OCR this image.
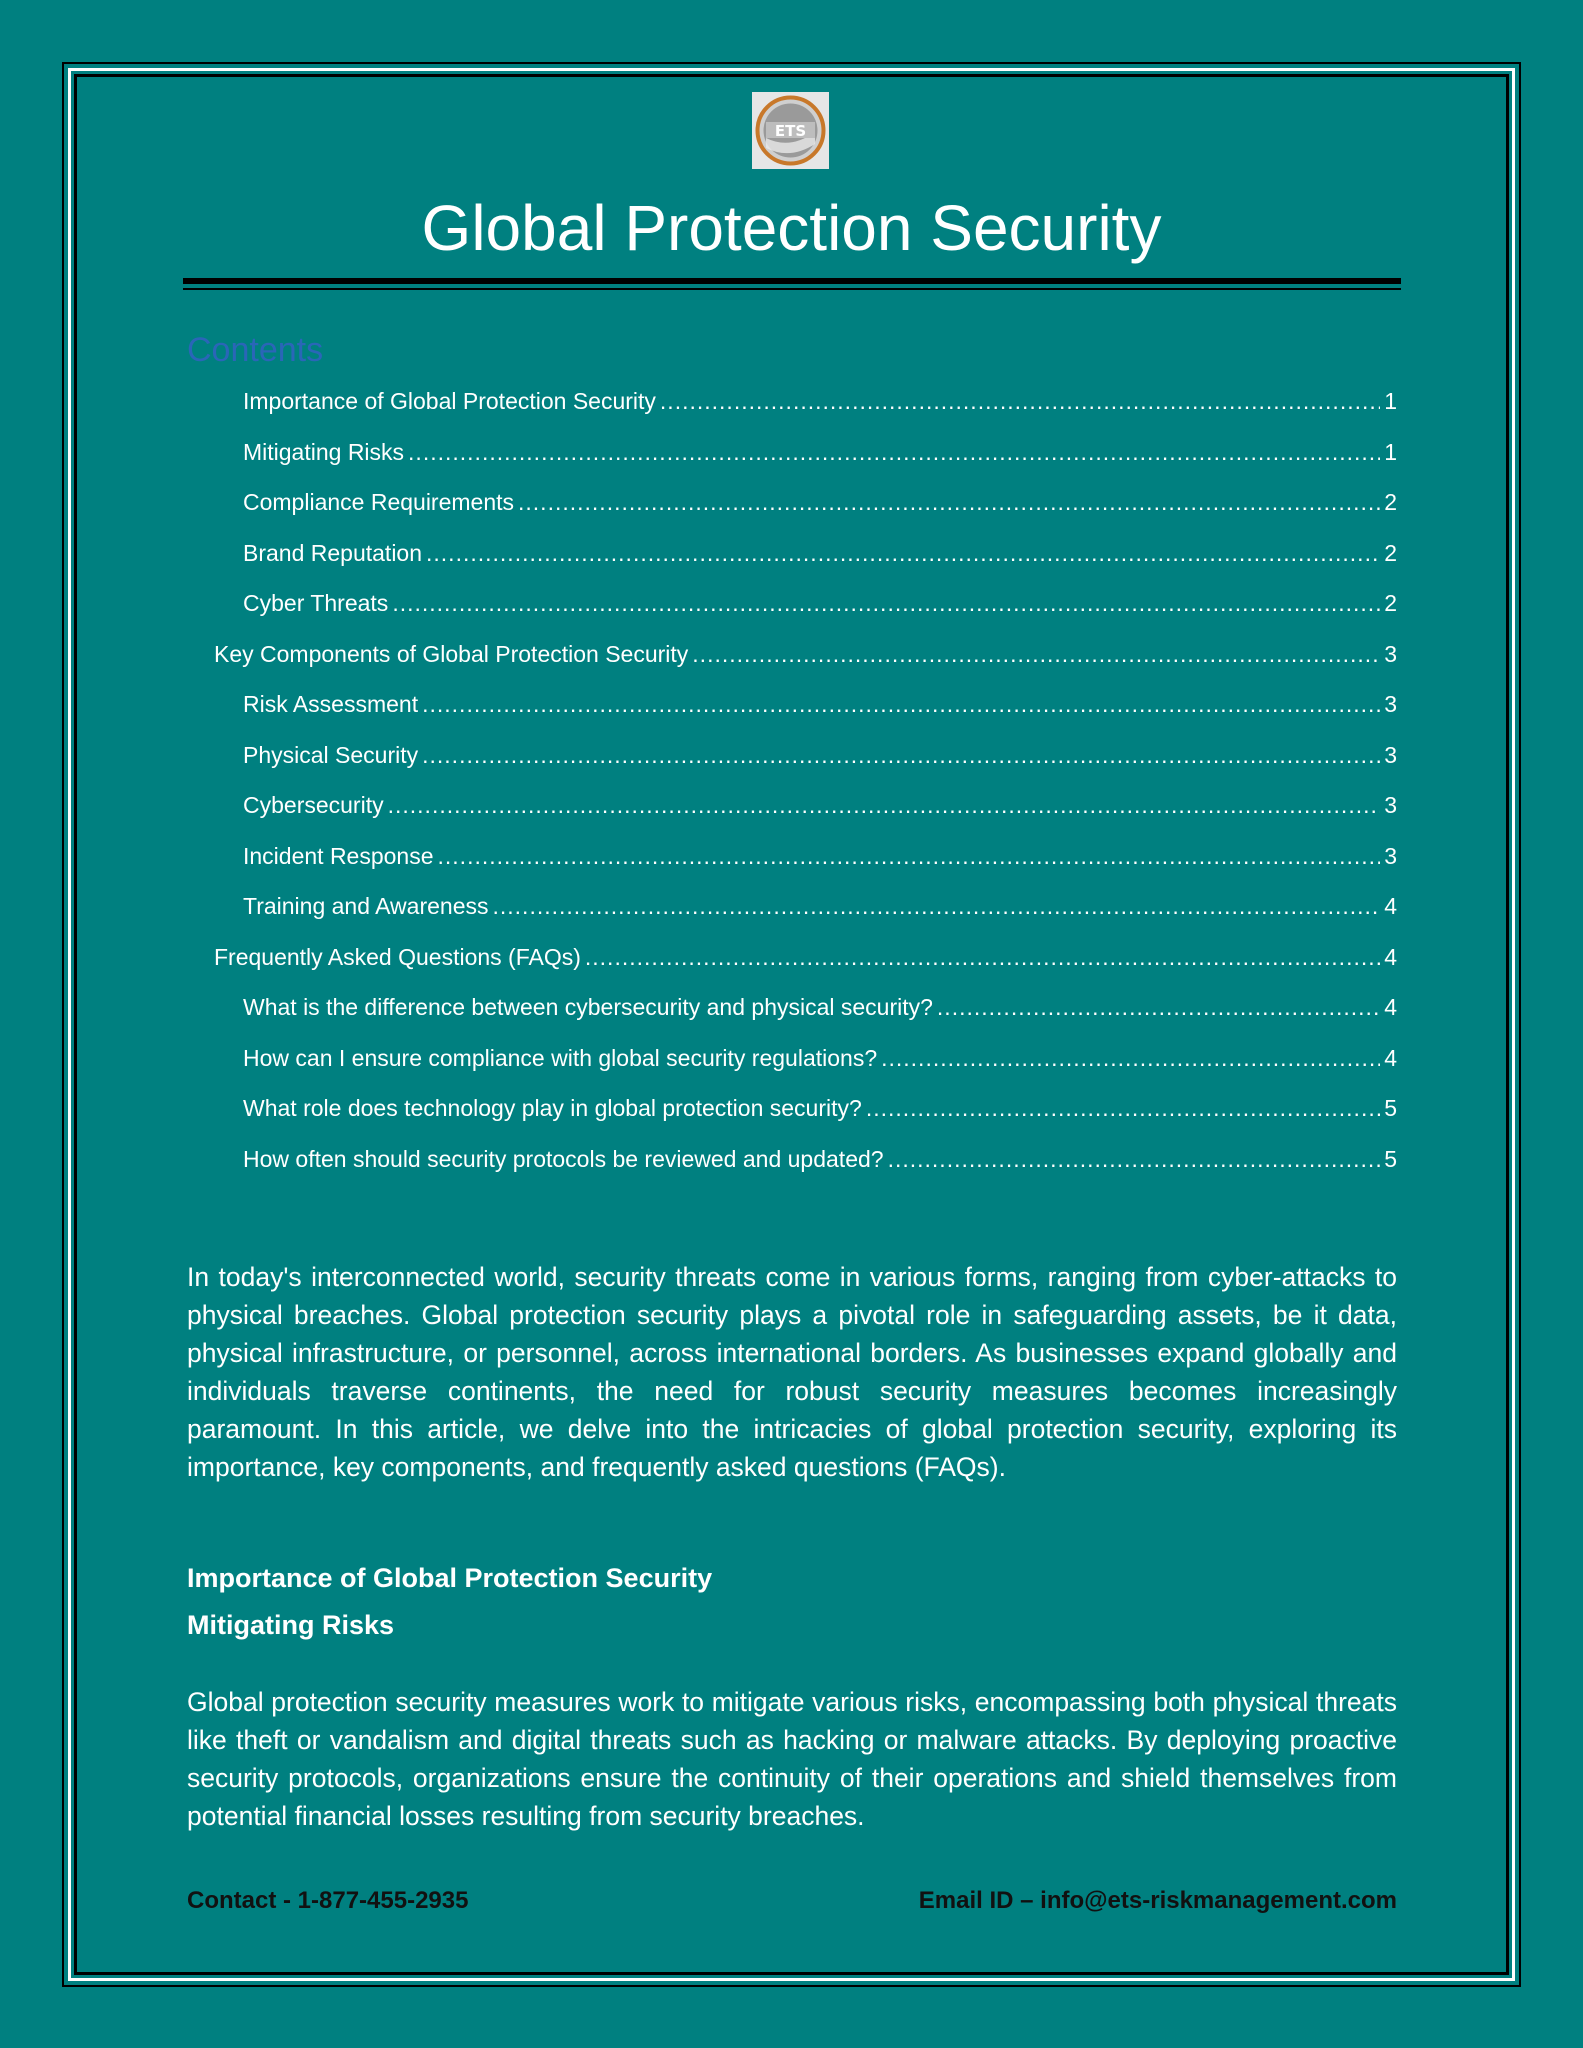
ETS
Global Protection Security
Contents
Importance of Global Protection Security .....	1
Mitigating Risks .....	1
Compliance Requirements .....	2
Brand Reputation .....	2
Cyber Threats .....	2
Key Components of Global Protection Security .....	3
Risk Assessment .....	3
Physical Security .....	3
Cybersecurity .....	3
Incident Response .....	3
Training and Awareness .....	4
Frequently Asked Questions (FAQs) .....	4
What is the difference between cybersecurity and physical security? .....	4
How can I ensure compliance with global security regulations? .....	4
What role does technology play in global protection security? .....	5
How often should security protocols be reviewed and updated? .....	5
In today's interconnected world, security threats come in various forms, ranging from cyber-attacks to physical breaches. Global protection security plays a pivotal role in safeguarding assets, be it data, physical infrastructure, or personnel, across international borders. As businesses expand globally and individuals traverse continents, the need for robust security measures becomes increasingly paramount. In this article, we delve into the intricacies of global protection security, exploring its importance, key components, and frequently asked questions (FAQs).
Importance of Global Protection Security
Mitigating Risks
Global protection security measures work to mitigate various risks, encompassing both physical threats like theft or vandalism and digital threats such as hacking or malware attacks. By deploying proactive security protocols, organizations ensure the continuity of their operations and shield themselves from potential financial losses resulting from security breaches.
Contact - 1-877-455-2935	Email ID – info@ets-riskmanagement.com
